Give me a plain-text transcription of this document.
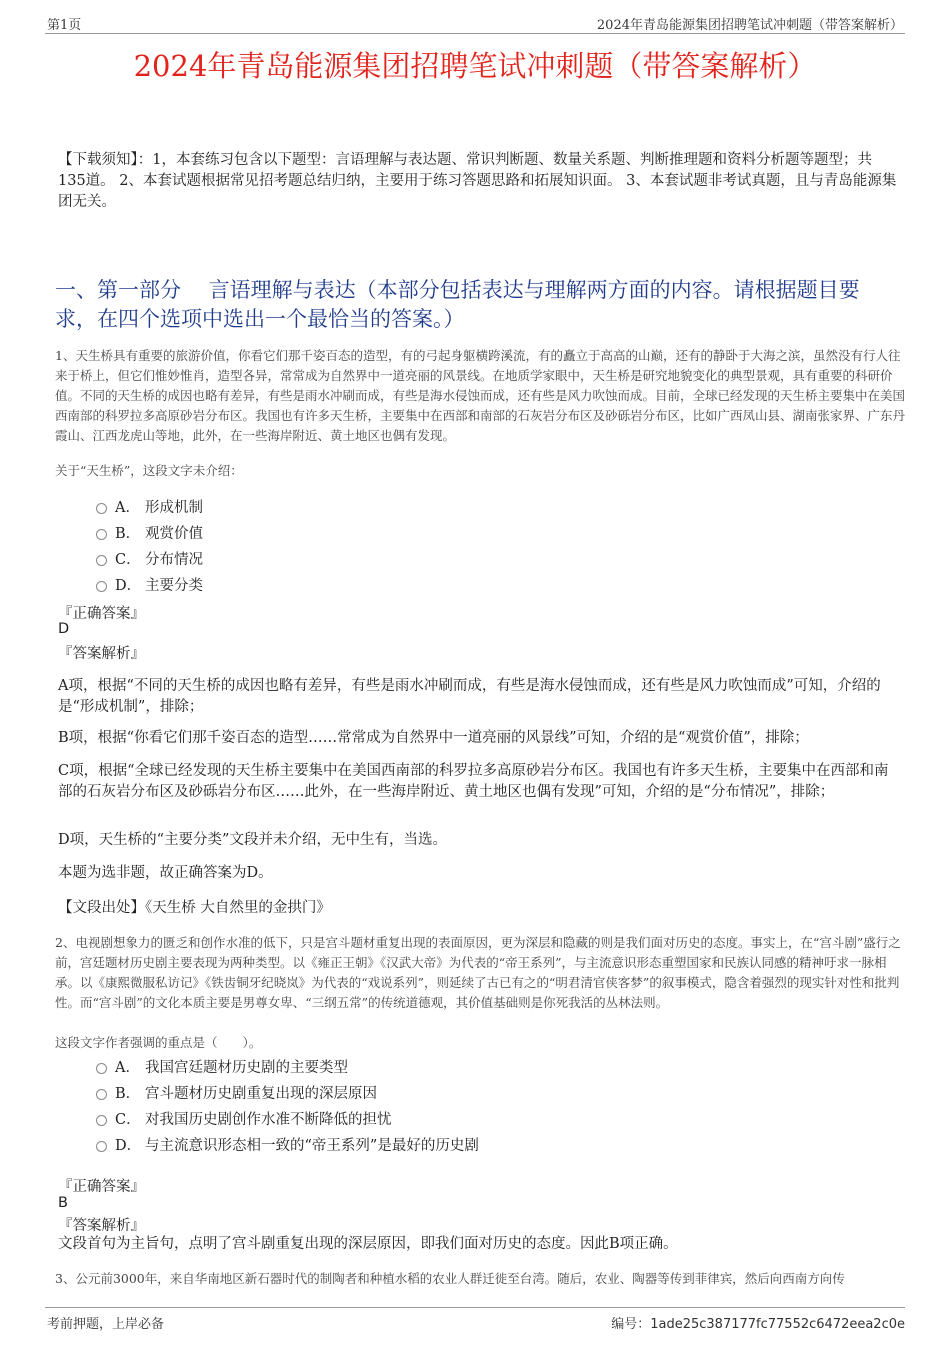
第1页	2024年青岛能源集团招聘笔试冲刺题（带答案解析）
2024年青岛能源集团招聘笔试冲刺题（带答案解析）
【下载须知】：1，本套练习包含以下题型：言语理解与表达题、常识判断题、数量关系题、判断推理题和资料分析题等题型；共135道。 2、本套试题根据常见招考题总结归纳，主要用于练习答题思路和拓展知识面。 3、本套试题非考试真题，且与青岛能源集团无关。
一、第一部分　 言语理解与表达（本部分包括表达与理解两方面的内容。请根据题目要求，在四个选项中选出一个最恰当的答案。）
1、天生桥具有重要的旅游价值，你看它们那千姿百态的造型，有的弓起身躯横跨溪流，有的矗立于高高的山巅，还有的静卧于大海之滨，虽然没有行人往来于桥上，但它们惟妙惟肖，造型各异，常常成为自然界中一道亮丽的风景线。在地质学家眼中，天生桥是研究地貌变化的典型景观，具有重要的科研价值。不同的天生桥的成因也略有差异，有些是雨水冲刷而成，有些是海水侵蚀而成，还有些是风力吹蚀而成。目前，全球已经发现的天生桥主要集中在美国西南部的科罗拉多高原砂岩分布区。我国也有许多天生桥，主要集中在西部和南部的石灰岩分布区及砂砾岩分布区，比如广西凤山县、湖南张家界、广东丹霞山、江西龙虎山等地，此外，在一些海岸附近、黄土地区也偶有发现。
关于“天生桥”，这段文字未介绍：
A． 形成机制
B． 观赏价值
C． 分布情况
D． 主要分类
『正确答案』
D
『答案解析』
A项，根据“不同的天生桥的成因也略有差异，有些是雨水冲刷而成，有些是海水侵蚀而成，还有些是风力吹蚀而成”可知，介绍的是“形成机制”，排除；
B项，根据“你看它们那千姿百态的造型……常常成为自然界中一道亮丽的风景线”可知，介绍的是“观赏价值”，排除；
C项，根据“全球已经发现的天生桥主要集中在美国西南部的科罗拉多高原砂岩分布区。我国也有许多天生桥，主要集中在西部和南部的石灰岩分布区及砂砾岩分布区……此外，在一些海岸附近、黄土地区也偶有发现”可知，介绍的是“分布情况”，排除；
D项，天生桥的“主要分类”文段并未介绍，无中生有，当选。
本题为选非题，故正确答案为D。
【文段出处】《天生桥 大自然里的金拱门》
2、电视剧想象力的匮乏和创作水准的低下，只是宫斗题材重复出现的表面原因，更为深层和隐藏的则是我们面对历史的态度。事实上，在“宫斗剧”盛行之前，宫廷题材历史剧主要表现为两种类型。以《雍正王朝》《汉武大帝》为代表的“帝王系列”，与主流意识形态重塑国家和民族认同感的精神吁求一脉相承。以《康熙微服私访记》《铁齿铜牙纪晓岚》为代表的“戏说系列”，则延续了古已有之的“明君清官侠客梦”的叙事模式，隐含着强烈的现实针对性和批判性。而“宫斗剧”的文化本质主要是男尊女卑、“三纲五常”的传统道德观，其价值基础则是你死我活的丛林法则。
这段文字作者强调的重点是（　　）。
A． 我国宫廷题材历史剧的主要类型
B． 宫斗题材历史剧重复出现的深层原因
C． 对我国历史剧创作水准不断降低的担忧
D． 与主流意识形态相一致的“帝王系列”是最好的历史剧
『正确答案』
B
『答案解析』
文段首句为主旨句，点明了宫斗剧重复出现的深层原因，即我们面对历史的态度。因此B项正确。
3、公元前3000年，来自华南地区新石器时代的制陶者和种植水稻的农业人群迁徙至台湾。随后，农业、陶器等传到菲律宾，然后向西南方向传
考前押题，上岸必备	编号：1ade25c387177fc77552c6472eea2c0e
